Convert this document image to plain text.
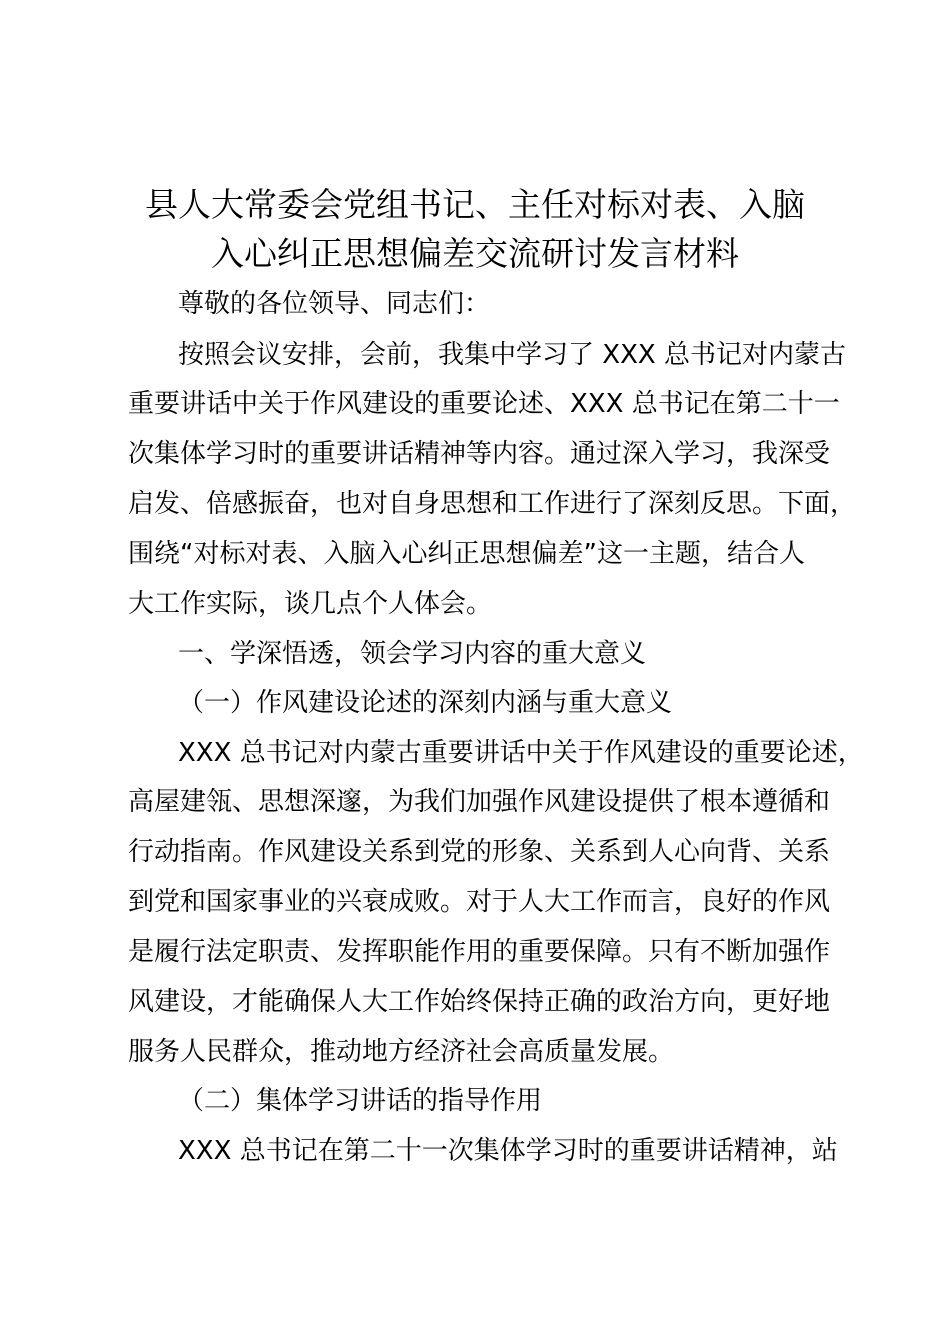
县人大常委会党组书记、主任对标对表、入脑
入心纠正思想偏差交流研讨发言材料
尊敬的各位领导、同志们：
按照会议安排，会前，我集中学习了 XXX 总书记对内蒙古
重要讲话中关于作风建设的重要论述、XXX 总书记在第二十一
次集体学习时的重要讲话精神等内容。通过深入学习，我深受
启发、倍感振奋，也对自身思想和工作进行了深刻反思。下面，
围绕“对标对表、入脑入心纠正思想偏差”这一主题，结合人
大工作实际，谈几点个人体会。
一、学深悟透，领会学习内容的重大意义
（一）作风建设论述的深刻内涵与重大意义
XXX 总书记对内蒙古重要讲话中关于作风建设的重要论述，
高屋建瓴、思想深邃，为我们加强作风建设提供了根本遵循和
行动指南。作风建设关系到党的形象、关系到人心向背、关系
到党和国家事业的兴衰成败。对于人大工作而言，良好的作风
是履行法定职责、发挥职能作用的重要保障。只有不断加强作
风建设，才能确保人大工作始终保持正确的政治方向，更好地
服务人民群众，推动地方经济社会高质量发展。
（二）集体学习讲话的指导作用
XXX 总书记在第二十一次集体学习时的重要讲话精神，站
